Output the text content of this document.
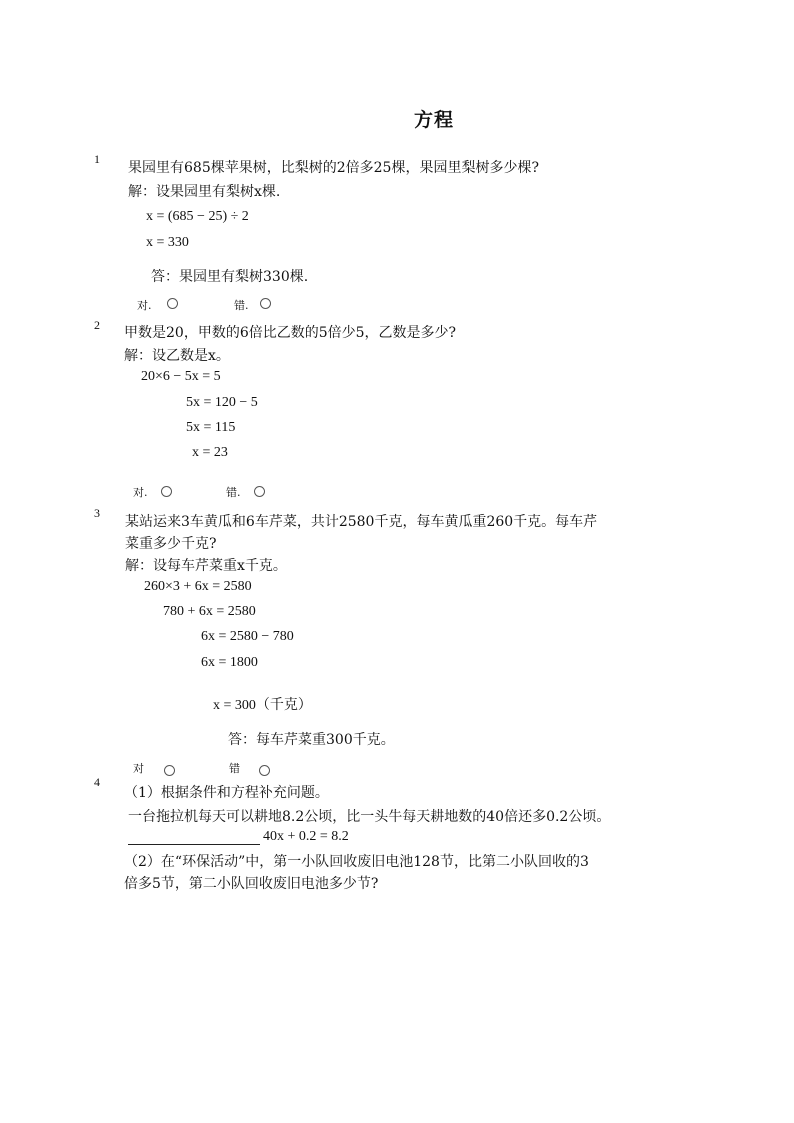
方程
1
果园里有685棵苹果树，比梨树的2倍多25棵，果园里梨树多少棵?
解：设果园里有梨树x棵.
x = (685 − 25) ÷ 2
x = 330
答：果园里有梨树330棵.
对.	错.
2 甲数是20，甲数的6倍比乙数的5倍少5，乙数是多少?
解：设乙数是x。
20×6 − 5x = 5
5x = 120 − 5
5x = 115
x = 23
对.	错.
3
某站运来3车黄瓜和6车芹菜，共计2580千克，每车黄瓜重260千克。每车芹
菜重多少千克?
解：设每车芹菜重x千克。
260×3 + 6x = 2580
780 + 6x = 2580
6x = 2580 − 780
6x = 1800
x = 300（千克）
答：每车芹菜重300千克。
对	错
4
（1）根据条件和方程补充问题。
一台拖拉机每天可以耕地8.2公顷，比一头牛每天耕地数的40倍还多0.2公顷。
40x + 0.2 = 8.2
（2）在“环保活动”中，第一小队回收废旧电池128节，比第二小队回收的3
倍多5节，第二小队回收废旧电池多少节?
